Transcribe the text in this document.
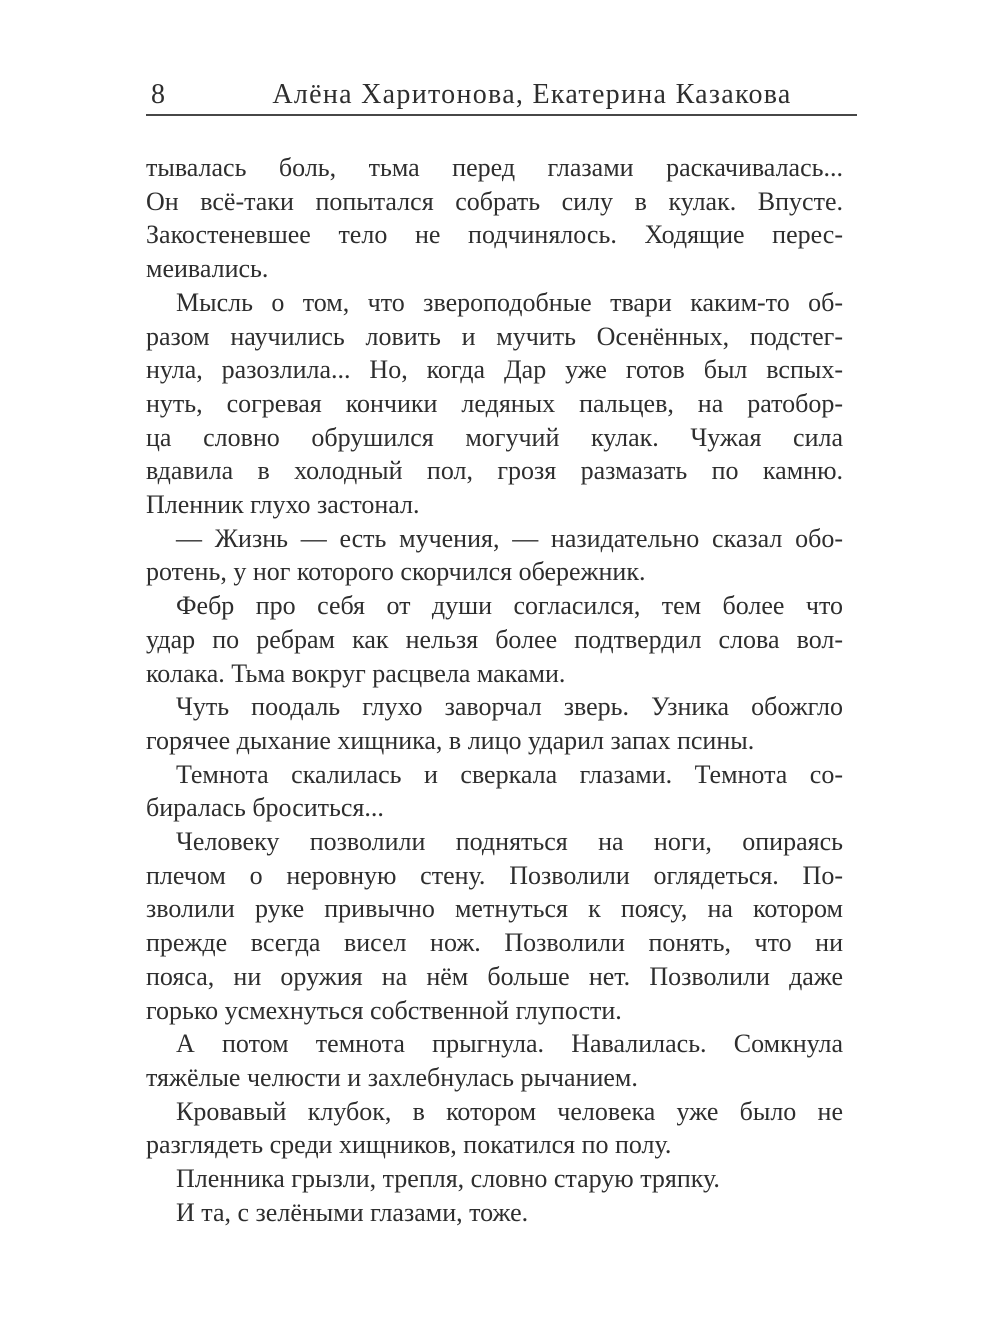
8	Алёна Харитонова, Екатерина Казакова
тывалась боль, тьма перед глазами раскачивалась...
Он всё-таки попытался собрать силу в кулак. Впусте.
Закостеневшее тело не подчинялось. Ходящие перес-
меивались.
Мысль о том, что звероподобные твари каким-то об-
разом научились ловить и мучить Осенённых, подстег-
нула, разозлила... Но, когда Дар уже готов был вспых-
нуть, согревая кончики ледяных пальцев, на ратобор-
ца словно обрушился могучий кулак. Чужая сила
вдавила в холодный пол, грозя размазать по камню.
Пленник глухо застонал.
— Жизнь — есть мучения, — назидательно сказал обо-
ротень, у ног которого скорчился обережник.
Фебр про себя от души согласился, тем более что
удар по ребрам как нельзя более подтвердил слова вол-
колака. Тьма вокруг расцвела маками.
Чуть поодаль глухо заворчал зверь. Узника обожгло
горячее дыхание хищника, в лицо ударил запах псины.
Темнота скалилась и сверкала глазами. Темнота со-
биралась броситься...
Человеку позволили подняться на ноги, опираясь
плечом о неровную стену. Позволили оглядеться. По-
зволили руке привычно метнуться к поясу, на котором
прежде всегда висел нож. Позволили понять, что ни
пояса, ни оружия на нём больше нет. Позволили даже
горько усмехнуться собственной глупости.
А потом темнота прыгнула. Навалилась. Сомкнула
тяжёлые челюсти и захлебнулась рычанием.
Кровавый клубок, в котором человека уже было не
разглядеть среди хищников, покатился по полу.
Пленника грызли, трепля, словно старую тряпку.
И та, с зелёными глазами, тоже.
